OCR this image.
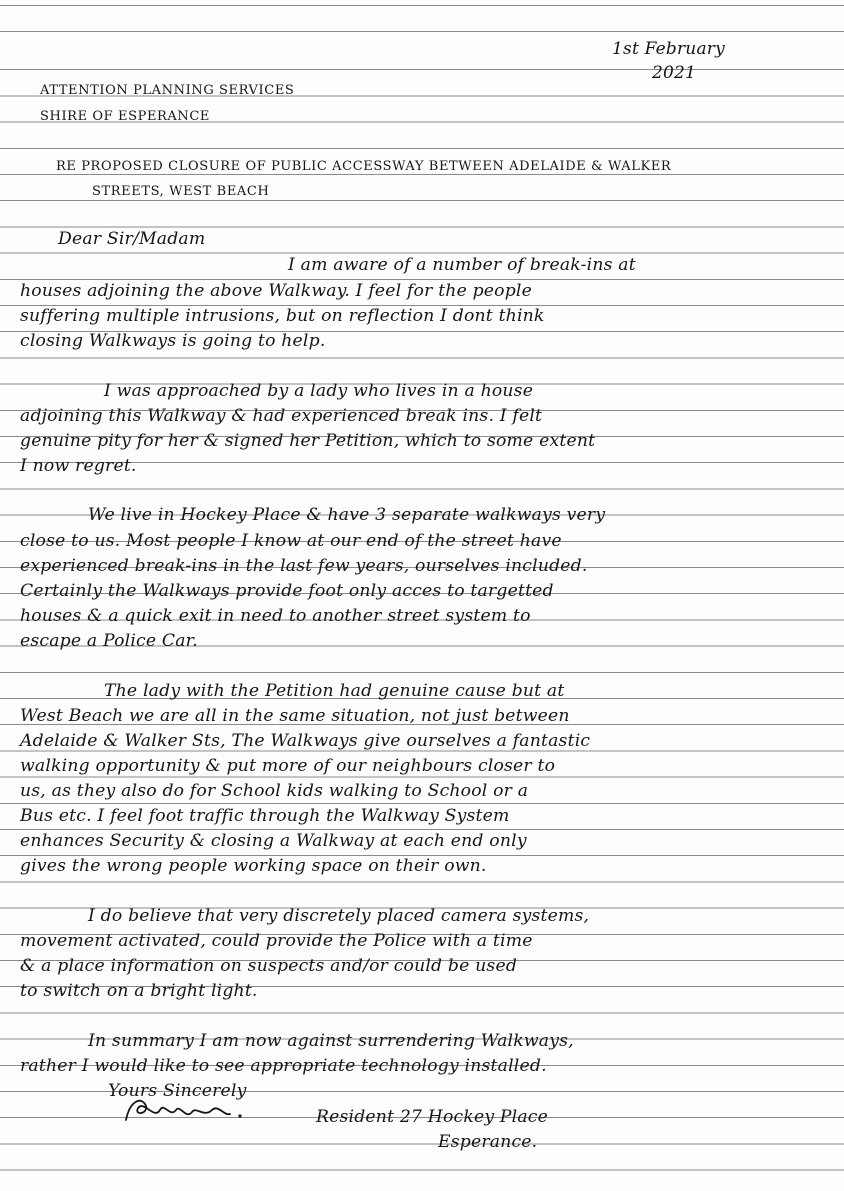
1st February
2021
ATTENTION PLANNING SERVICES
SHIRE OF ESPERANCE
RE PROPOSED CLOSURE OF PUBLIC ACCESSWAY BETWEEN ADELAIDE & WALKER
STREETS, WEST BEACH
Dear Sir/Madam
I am aware of a number of break-ins at
houses adjoining the above Walkway. I feel for the people
suffering multiple intrusions, but on reflection I dont think
closing Walkways is going to help.
I was approached by a lady who lives in a house
adjoining this Walkway & had experienced break ins. I felt
genuine pity for her & signed her Petition, which to some extent
I now regret.
We live in Hockey Place & have 3 separate walkways very
close to us. Most people I know at our end of the street have
experienced break-ins in the last few years, ourselves included.
Certainly the Walkways provide foot only acces to targetted
houses & a quick exit in need to another street system to
escape a Police Car.
The lady with the Petition had genuine cause but at
West Beach we are all in the same situation, not just between
Adelaide & Walker Sts, The Walkways give ourselves a fantastic
walking opportunity & put more of our neighbours closer to
us, as they also do for School kids walking to School or a
Bus etc. I feel foot traffic through the Walkway System
enhances Security & closing a Walkway at each end only
gives the wrong people working space on their own.
I do believe that very discretely placed camera systems,
movement activated, could provide the Police with a time
& a place information on suspects and/or could be used
to switch on a bright light.
In summary I am now against surrendering Walkways,
rather I would like to see appropriate technology installed.
Yours Sincerely
Resident 27 Hockey Place
Esperance.
